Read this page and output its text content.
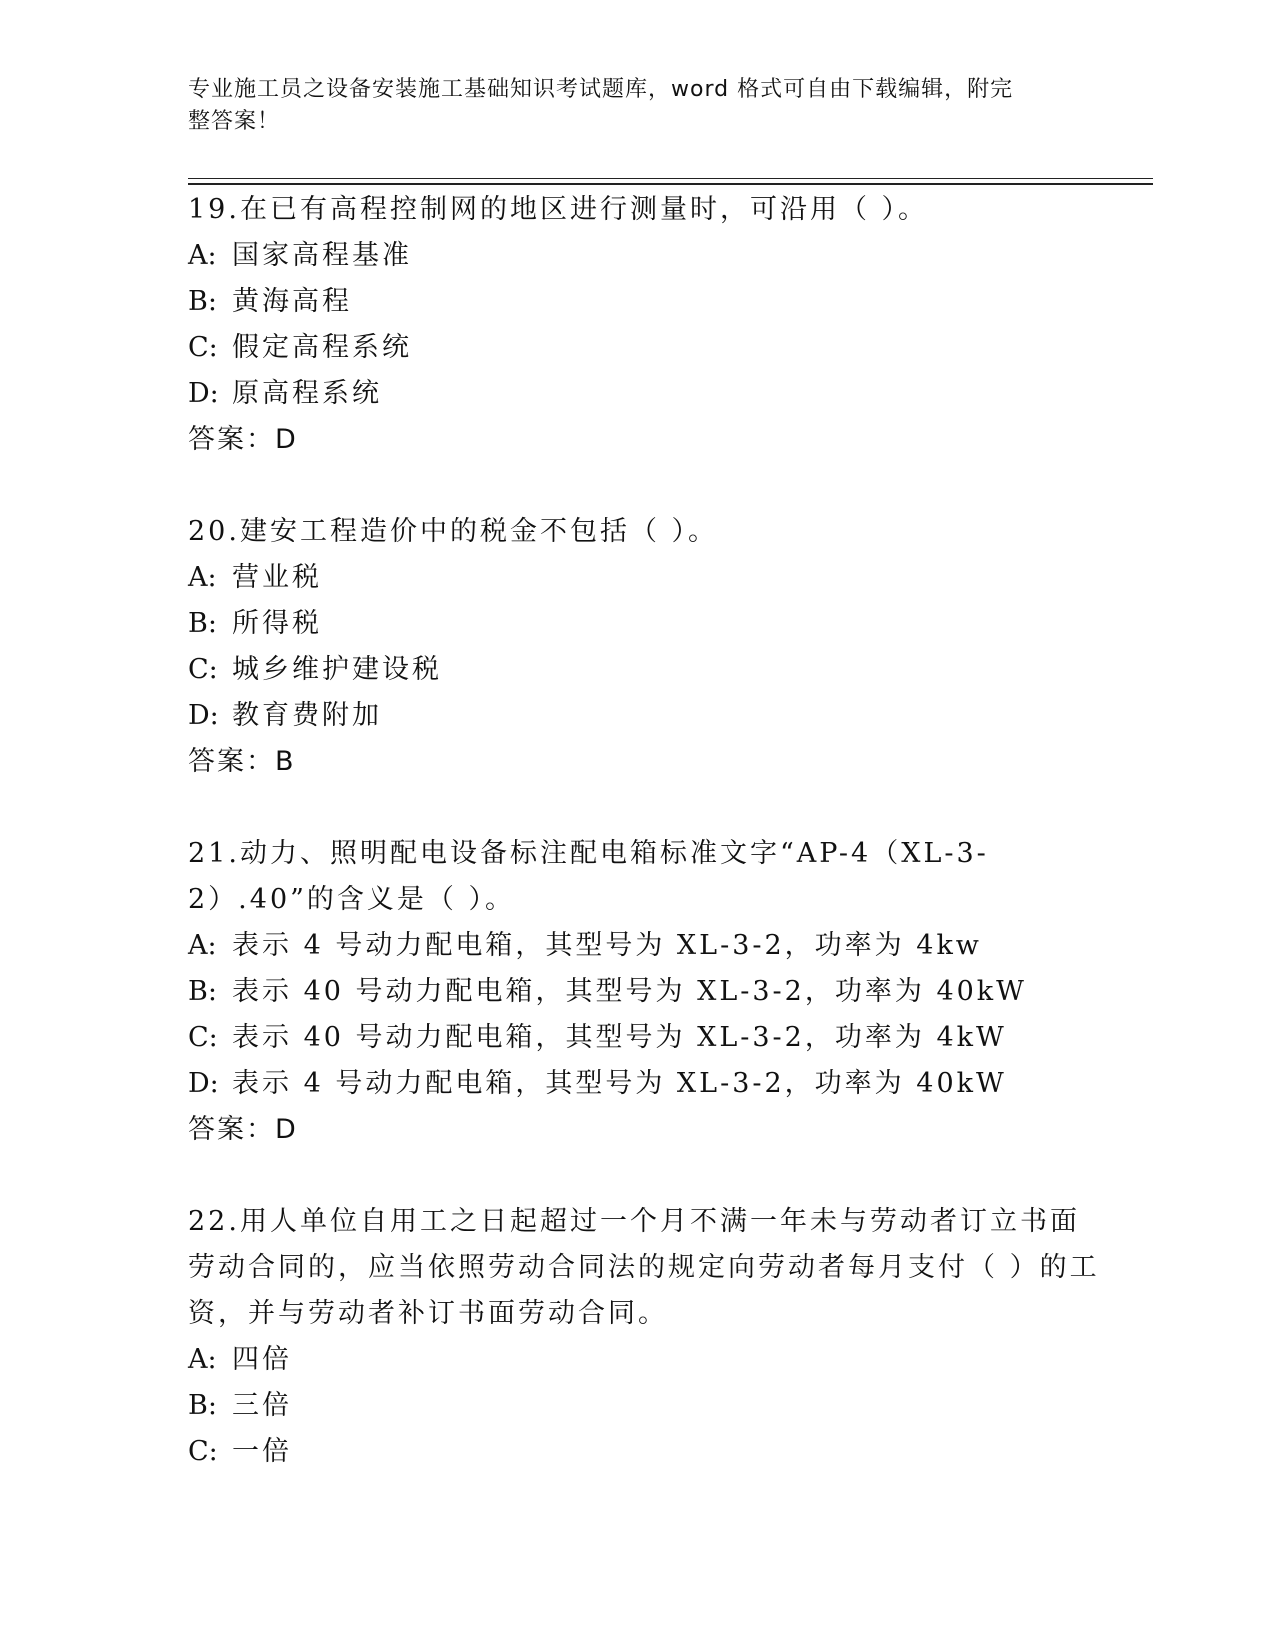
专业施工员之设备安装施工基础知识考试题库，word 格式可自由下载编辑，附完
整答案！

19.在已有高程控制网的地区进行测量时，可沿用（ ）。

A: 国家高程基准

B: 黄海高程

C: 假定高程系统

D: 原高程系统

答案：D

20.建安工程造价中的税金不包括（ ）。

A: 营业税

B: 所得税

C: 城乡维护建设税

D: 教育费附加

答案：B

21.动力、照明配电设备标注配电箱标准文字“AP-4（XL-3-2）.40”的含义是（ ）。

A: 表示 4 号动力配电箱，其型号为 XL-3-2，功率为 4kw

B: 表示 40 号动力配电箱，其型号为 XL-3-2，功率为 40kW

C: 表示 40 号动力配电箱，其型号为 XL-3-2，功率为 4kW

D: 表示 4 号动力配电箱，其型号为 XL-3-2，功率为 40kW

答案：D

22.用人单位自用工之日起超过一个月不满一年未与劳动者订立书面劳动合同的，应当依照劳动合同法的规定向劳动者每月支付（ ）的工资，并与劳动者补订书面劳动合同。

A: 四倍

B: 三倍

C: 一倍
